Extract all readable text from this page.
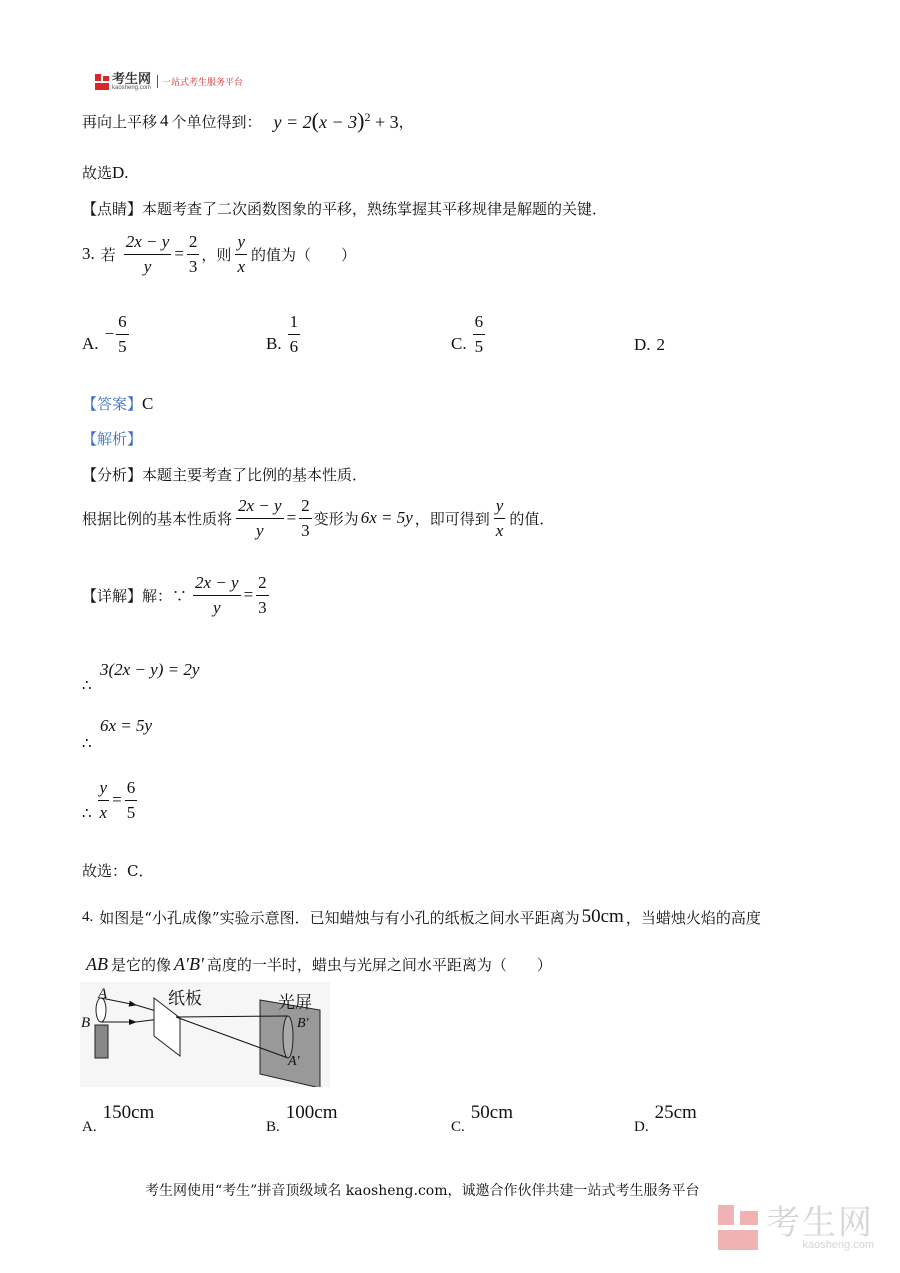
考生网
kaosheng.com
一站式考生服务平台
再向上平移 4 个单位得到： $y = 2(x - 3)^2 + 3$ ，
故选D.
【点睛】本题考查了二次函数图象的平移，熟练掌握其平移规律是解题的关键．
3. 若 $\frac{2x - y}{y} = \frac{2}{3}$ ，则 $\frac{y}{x}$ 的值为（　　）
A.
− $\frac{6}{5}$	B. $\frac{1}{6}$	C. $\frac{6}{5}$	D. 2
【答案】 C
【解析】
【分析】本题主要考查了比例的基本性质．
根据比例的基本性质将 $\frac{2x - y}{y} = \frac{2}{3}$ 变形为 6x = 5y ，即可得到 $\frac{y}{x}$ 的值．
【详解】解：∵ $\frac{2x - y}{y} = \frac{2}{3}$
3(2x − y) = 2y
∴
6x = 5y
∴
∴ $\frac{y}{x} = \frac{6}{5}$
故选：C．
4. 如图是“小孔成像”实验示意图．已知蜡烛与有小孔的纸板之间水平距离为 50cm ，当蜡烛火焰的高度
AB 是它的像 A′B′ 高度的一半时，蜡虫与光屏之间水平距离为（　　）
A
B
纸板	光屏
B′
A′
A.
150cm
B.
100cm
C.
50cm
D.
25cm
考生网使用“考生”拼音顶级域名 kaosheng.com，诚邀合作伙伴共建一站式考生服务平台
考生网
kaosheng.com
